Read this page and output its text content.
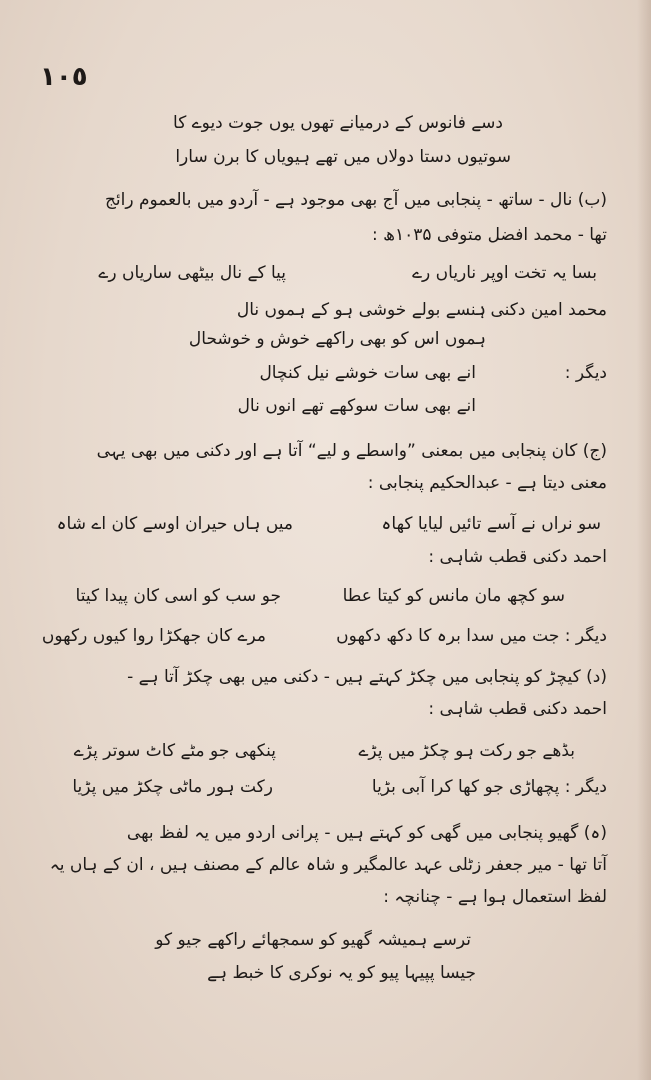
١٠٥
دسے فانوس کے درمیانے تھوں یوں جوت دیوے کا
سوتیوں دستا دولاں میں تھے ہیویاں کا برن سارا
(ب) نال - ساتھ - پنجابی میں آج بھی موجود ہے - آردو میں بالعموم رائج
تھا - محمد افضل متوفی ۱۰۳۵ھ :
بسا یہ تخت اوپر ناریاں رے
پیا کے نال بیٹھی ساریاں رے
محمد امین دکنی :
ہنسے بولے خوشی ہو کے ہموں نال
ہموں اس کو بھی راکھے خوش و خوشحال
دیگر :
انے بھی سات خوشے نیل کنچال
انے بھی سات سوکھے تھے انوں نال
(ج) کان پنجابی میں بمعنی ”واسطے و لیے“ آتا ہے اور دکنی میں بھی یہی
معنی دیتا ہے - عبدالحکیم پنجابی :
سو نراں نے آسے تائیں لیایا کھاہ
میں ہاں حیران اوسے کان اے شاہ
احمد دکنی قطب شاہی :
سو کچھ مان مانس کو کیتا عطا
جو سب کو اسی کان پیدا کیتا
دیگر : جت میں سدا برہ کا دکھ دکھوں
مرے کان جھکڑا روا کیوں رکھوں
(د) کیچڑ کو پنجابی میں چکڑ کہتے ہیں - دکنی میں بھی چکڑ آتا ہے -
احمد دکنی قطب شاہی :
بڈھے جو رکت ہو چکڑ میں پڑے
پنکھی جو مٹے کاٹ سوتر پڑے
دیگر : پچھاڑی جو کھا کرا آبی بڑیا
رکت ہور ماٹی چکڑ میں پڑیا
(ہ) گھیو پنجابی میں گھی کو کہتے ہیں - پرانی اردو میں یہ لفظ بھی
آتا تھا - میر جعفر زٹلی عہد عالمگیر و شاہ عالم کے مصنف ہیں ، ان کے ہاں یہ
لفظ استعمال ہوا ہے - چنانچہ :
ترسے ہمیشہ گھیو کو سمجھائے راکھے جیو کو
جیسا پپیہا پیو کو یہ نوکری کا خبط ہے
